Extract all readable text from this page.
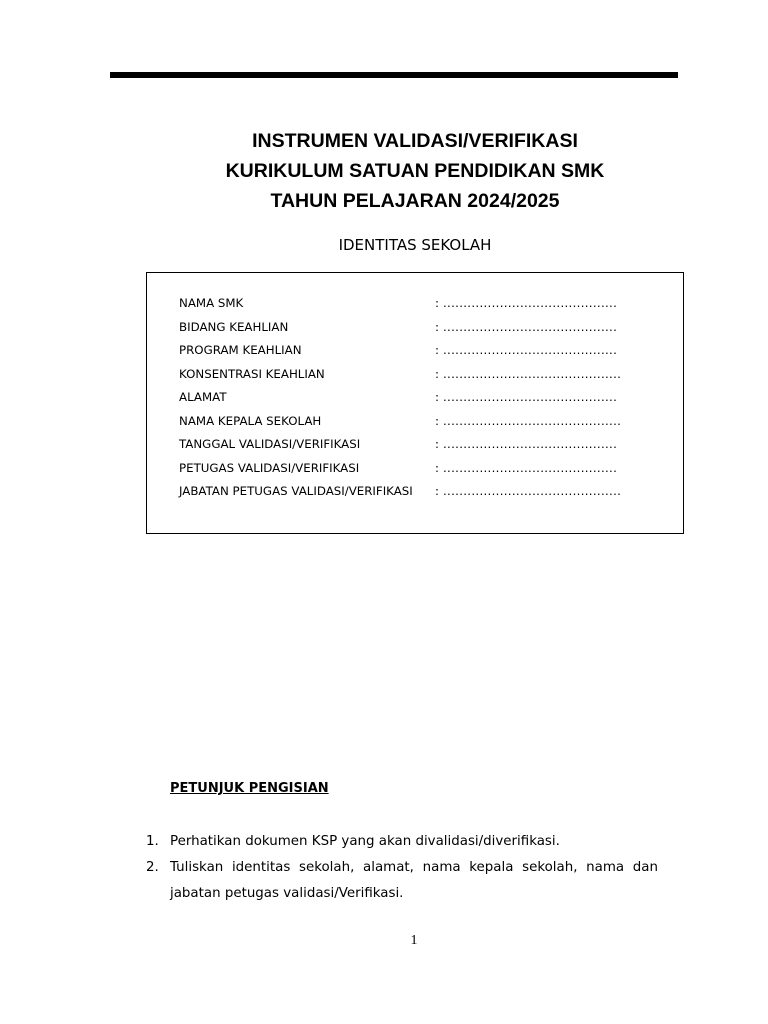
INSTRUMEN VALIDASI/VERIFIKASI
KURIKULUM SATUAN PENDIDIKAN SMK
TAHUN PELAJARAN 2024/2025
IDENTITAS SEKOLAH
NAMA SMK	: ...........................................
BIDANG KEAHLIAN	: ...........................................
PROGRAM KEAHLIAN	: ...........................................
KONSENTRASI KEAHLIAN	: ............................................
ALAMAT	: ...........................................
NAMA KEPALA SEKOLAH	: ............................................
TANGGAL VALIDASI/VERIFIKASI	: ...........................................
PETUGAS VALIDASI/VERIFIKASI	: ...........................................
JABATAN PETUGAS VALIDASI/VERIFIKASI : ............................................
PETUNJUK PENGISIAN
1. Perhatikan dokumen KSP yang akan divalidasi/diverifikasi.
2. Tuliskan identitas sekolah, alamat, nama kepala sekolah, nama dan jabatan petugas validasi/Verifikasi.
1
